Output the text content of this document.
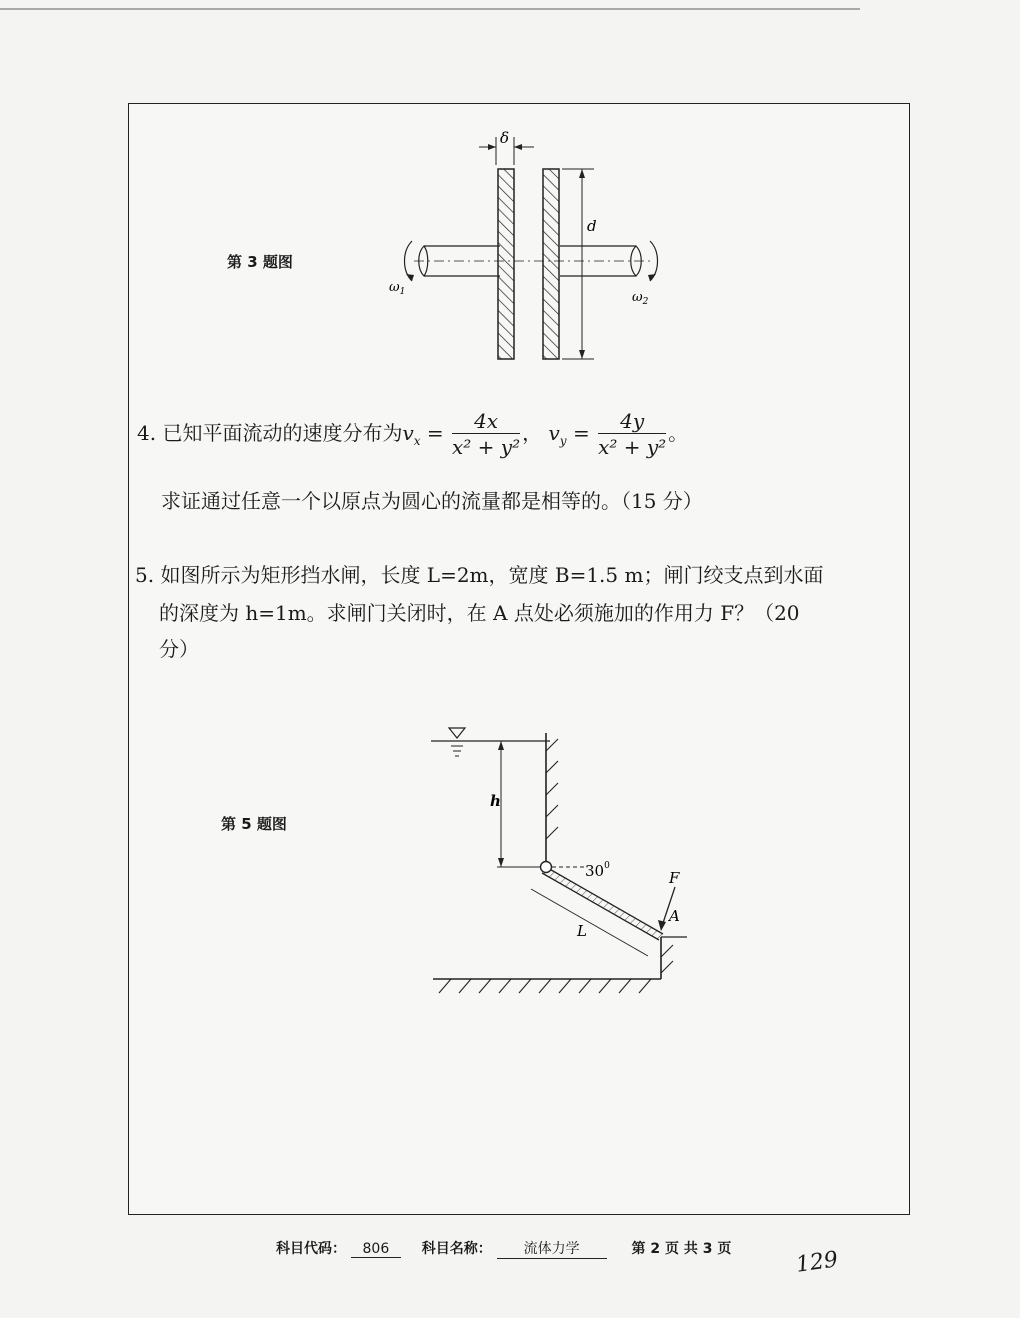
第 3 题图
δ
d
$\omega_1$	$\omega_2$
4. 已知平面流动的速度分布为$v_x = \frac{4x}{\text{x² + y²}}$ ， $v_y = \frac{4y}{\text{x² + y²}}$ 。
求证通过任意一个以原点为圆心的流量都是相等的。（15 分）
5. 如图所示为矩形挡水闸，长度 L=2m，宽度 B=1.5 m；闸门绞支点到水面
的深度为 h=1m。求闸门关闭时，在 A 点处必须施加的作用力 F？（20
分）
第 5 题图
h
$30^0$
L
F
A
科目代码： 806 科目名称： 流体力学	第 2 页 共 3 页	129
